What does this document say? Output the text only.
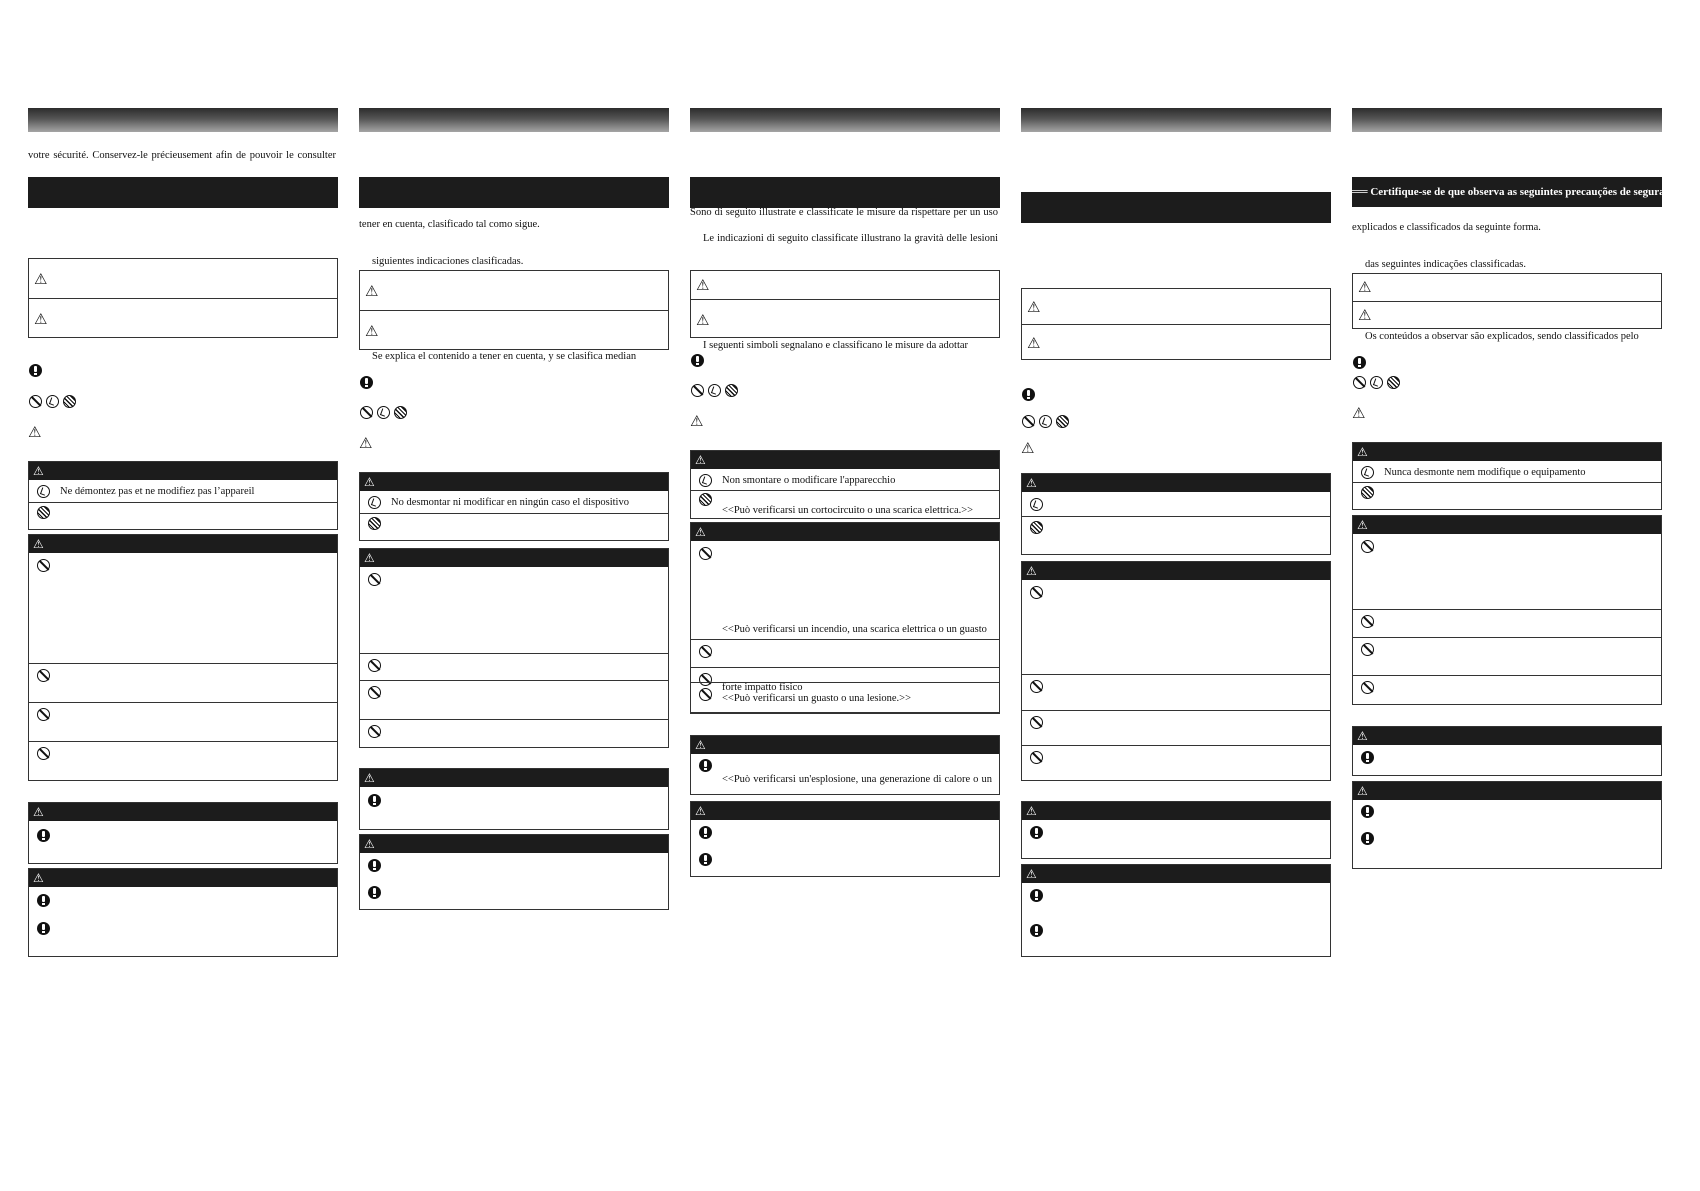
votre sécurité. Conservez-le précieusement afin de pouvoir le consulter
⚠
⚠
⚠
⚠
Ne démontez pas et ne modifiez pas l’appareil
⚠
⚠
⚠
tener en cuenta, clasificado tal como sigue.
siguientes indicaciones clasificadas.
⚠
⚠
Se explica el contenido a tener en cuenta, y se clasifica median
⚠
⚠
No desmontar ni modificar en ningún caso el dispositivo
⚠
⚠
⚠
Sono di seguito illustrate e classificate le misure da rispettare per un uso
Le indicazioni di seguito classificate illustrano la gravità delle lesioni
⚠
⚠
I seguenti simboli segnalano e classificano le misure da adottar
⚠
⚠
Non smontare o modificare l'apparecchio
<<Può verificarsi un cortocircuito o una scarica elettrica.>>
⚠
<<Può verificarsi un incendio, una scarica elettrica o un guasto
forte impatto fisico
<<Può verificarsi un guasto o una lesione.>>
⚠
<<Può verificarsi un'esplosione, una generazione di calore o un
⚠
⚠
⚠
⚠
⚠
⚠
⚠
⚠
══ Certifique-se de que observa as seguintes precauções de segurança ══
explicados e classificados da seguinte forma.
das seguintes indicações classificadas.
⚠
⚠
Os conteúdos a observar são explicados, sendo classificados pelo
⚠
⚠
Nunca desmonte nem modifique o equipamento
⚠
⚠
⚠
